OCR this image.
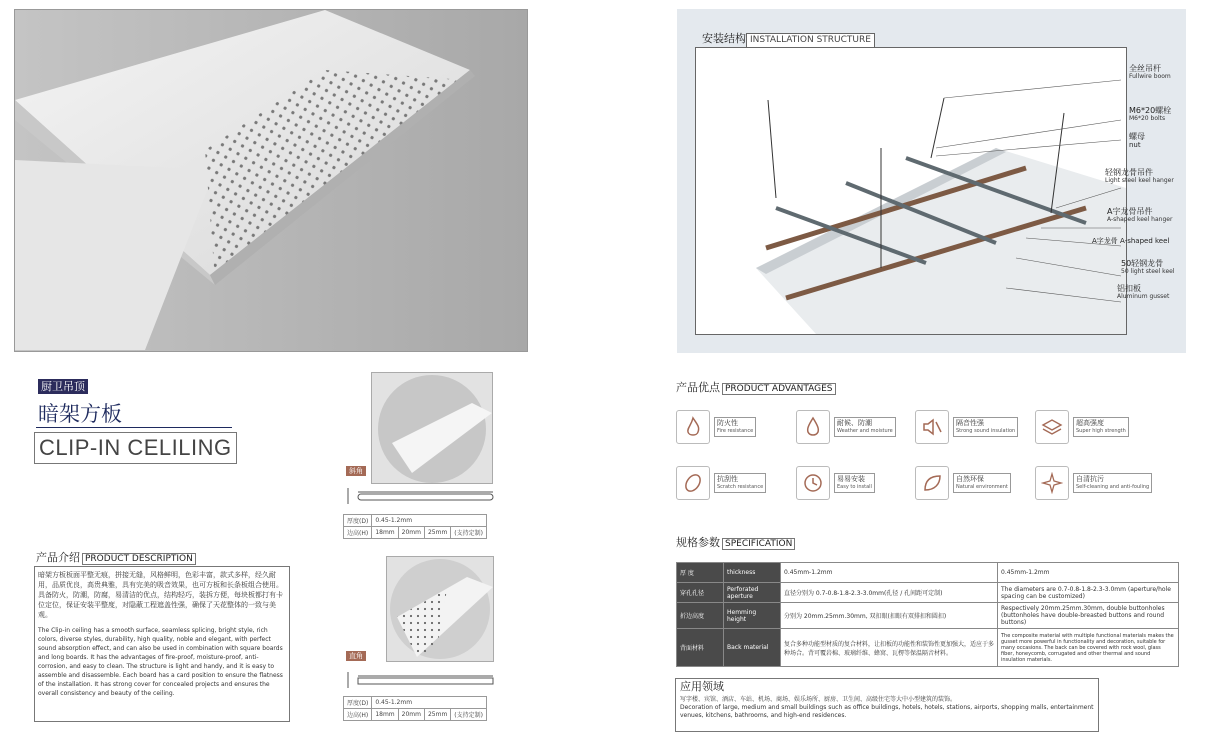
安装结构 INSTALLATION STRUCTURE
全丝吊杆
Fullwire boom
M6*20螺栓
M6*20 bolts
螺母
nut
轻钢龙骨吊件
Light steel keel hanger
A字龙骨吊件
A-shaped keel hanger
A字龙骨 A-shaped keel
50轻钢龙骨
50 light steel keel
铝扣板
Aluminum gusset
厨卫吊顶
暗架方板
CLIP-IN CELILING
产品介绍 PRODUCT DESCRIPTION

暗架方板板面平整无痕，拼接无缝，风格鲜明，色彩丰富，款式多样，经久耐用，品质优良，高贵典雅，具有完美的吸音效果，也可方板和长条板组合使用。具备防火，防潮，防腐，易清洁的优点，结构轻巧，装拆方便，每块板都打有卡位定位，保证安装平整度，对隐蔽工程遮盖性强，确保了天花整体的一致与美观。

The Clip-in ceiling has a smooth surface, seamless splicing, bright style, rich colors, diverse styles, durability, high quality, noble and elegant, with perfect sound absorption effect, and can also be used in combination with square boards and long boards. It has the advantages of fire-proof, moisture-proof, anti-corrosion, and easy to clean. The structure is light and handy, and it is easy to assemble and disassemble. Each board has a card position to ensure the flatness of the installation. It has strong cover for concealed projects and ensures the overall consistency and beauty of the ceiling.

斜角
厚度(D)	0.45-1.2mm			
边高(H)	18mm	20mm	25mm	(支持定制)
直角
厚度(D)	0.45-1.2mm			
边高(H)	18mm	20mm	25mm	(支持定制)
产品优点 PRODUCT ADVANTAGES
防火性
Fire resistance
耐候、防潮
Weather and moisture
隔音性强
Strong sound insulation
超高强度
Super high strength
抗刮性
Scratch resistance
易易安装
Easy to install
自然环保
Natural environment
自清抗污
Self-cleaning and anti-fouling
规格参数 SPECIFICATION
厚 度	thickness	0.45mm-1.2mm	0.45mm-1.2mm
穿孔孔径	Perforated aperture	直径分别为 0.7-0.8-1.8-2.3-3.0mm(孔径 / 孔间距可定制)	The diameters are 0.7-0.8-1.8-2.3-3.0mm (aperture/hole spacing can be customized)
折边高度	Hemming height	分别为 20mm.25mm.30mm, 双扣眼(扣眼有双排扣和圆扣)	Respectively 20mm.25mm.30mm, double buttonholes (buttonholes have double-breasted buttons and round buttons)
背面材料	Back material	复合多种功能型材质的复合材料，让扣板的功能性和装饰性更加强大，适应于多种场合。背可覆岩棉、玻璃纤维、蜂窝、瓦楞等保温隔音材料。	The composite material with multiple functional materials makes the gusset more powerful in functionality and decoration, suitable for many occasions. The back can be covered with rock wool, glass fiber, honeycomb, corrugated and other thermal and sound insulation materials.
应用领域
写字楼、宾馆、酒店、车站、机场、商场、娱乐场所、厨房、卫生间、高级住宅等大中小型建筑的装饰。
Decoration of large, medium and small buildings such as office buildings, hotels, hotels, stations, airports, shopping malls, entertainment venues, kitchens, bathrooms, and high-end residences.
